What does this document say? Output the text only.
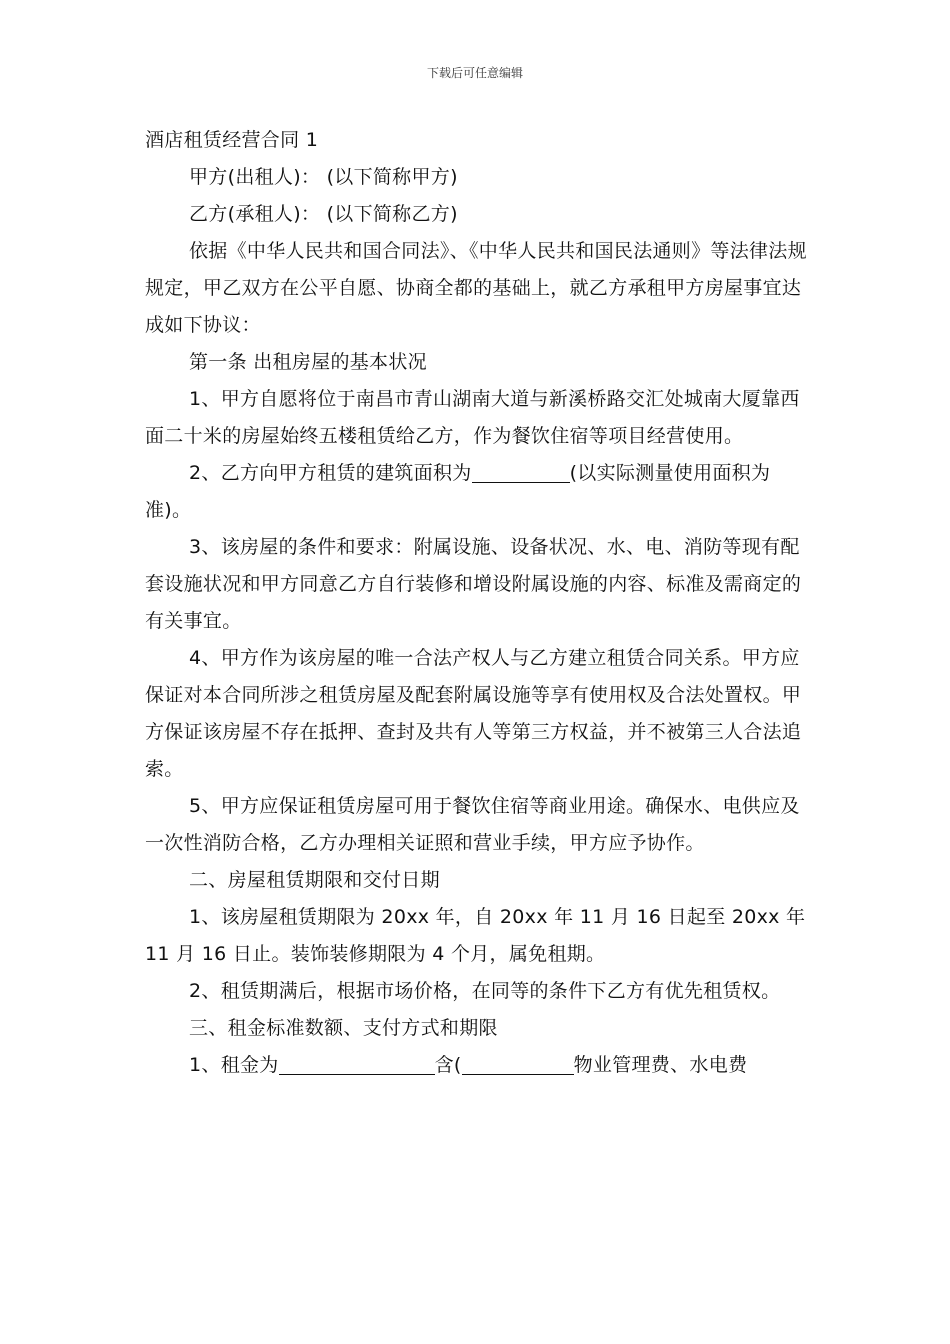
下载后可任意编辑

酒店租赁经营合同 1

甲方(出租人)： (以下简称甲方)

乙方(承租人)： (以下简称乙方)

依据《中华人民共和国合同法》、《中华人民共和国民法通则》等法律法规规定，甲乙双方在公平自愿、协商全都的基础上，就乙方承租甲方房屋事宜达成如下协议：

第一条 出租房屋的基本状况

1、甲方自愿将位于南昌市青山湖南大道与新溪桥路交汇处城南大厦靠西面二十米的房屋始终五楼租赁给乙方，作为餐饮住宿等项目经营使用。

2、乙方向甲方租赁的建筑面积为	(以实际测量使用面积为准)。

3、该房屋的条件和要求：附属设施、设备状况、水、电、消防等现有配套设施状况和甲方同意乙方自行装修和增设附属设施的内容、标准及需商定的有关事宜。

4、甲方作为该房屋的唯一合法产权人与乙方建立租赁合同关系。甲方应保证对本合同所涉之租赁房屋及配套附属设施等享有使用权及合法处置权。甲方保证该房屋不存在抵押、查封及共有人等第三方权益，并不被第三人合法追索。

5、甲方应保证租赁房屋可用于餐饮住宿等商业用途。确保水、电供应及一次性消防合格，乙方办理相关证照和营业手续，甲方应予协作。

二、房屋租赁期限和交付日期

1、该房屋租赁期限为 20xx 年，自 20xx 年 11 月 16 日起至 20xx 年 11 月 16 日止。装饰装修期限为 4 个月，属免租期。

2、租赁期满后，根据市场价格，在同等的条件下乙方有优先租赁权。

三、租金标准数额、支付方式和期限

1、租金为	含(	物业管理费、水电费
